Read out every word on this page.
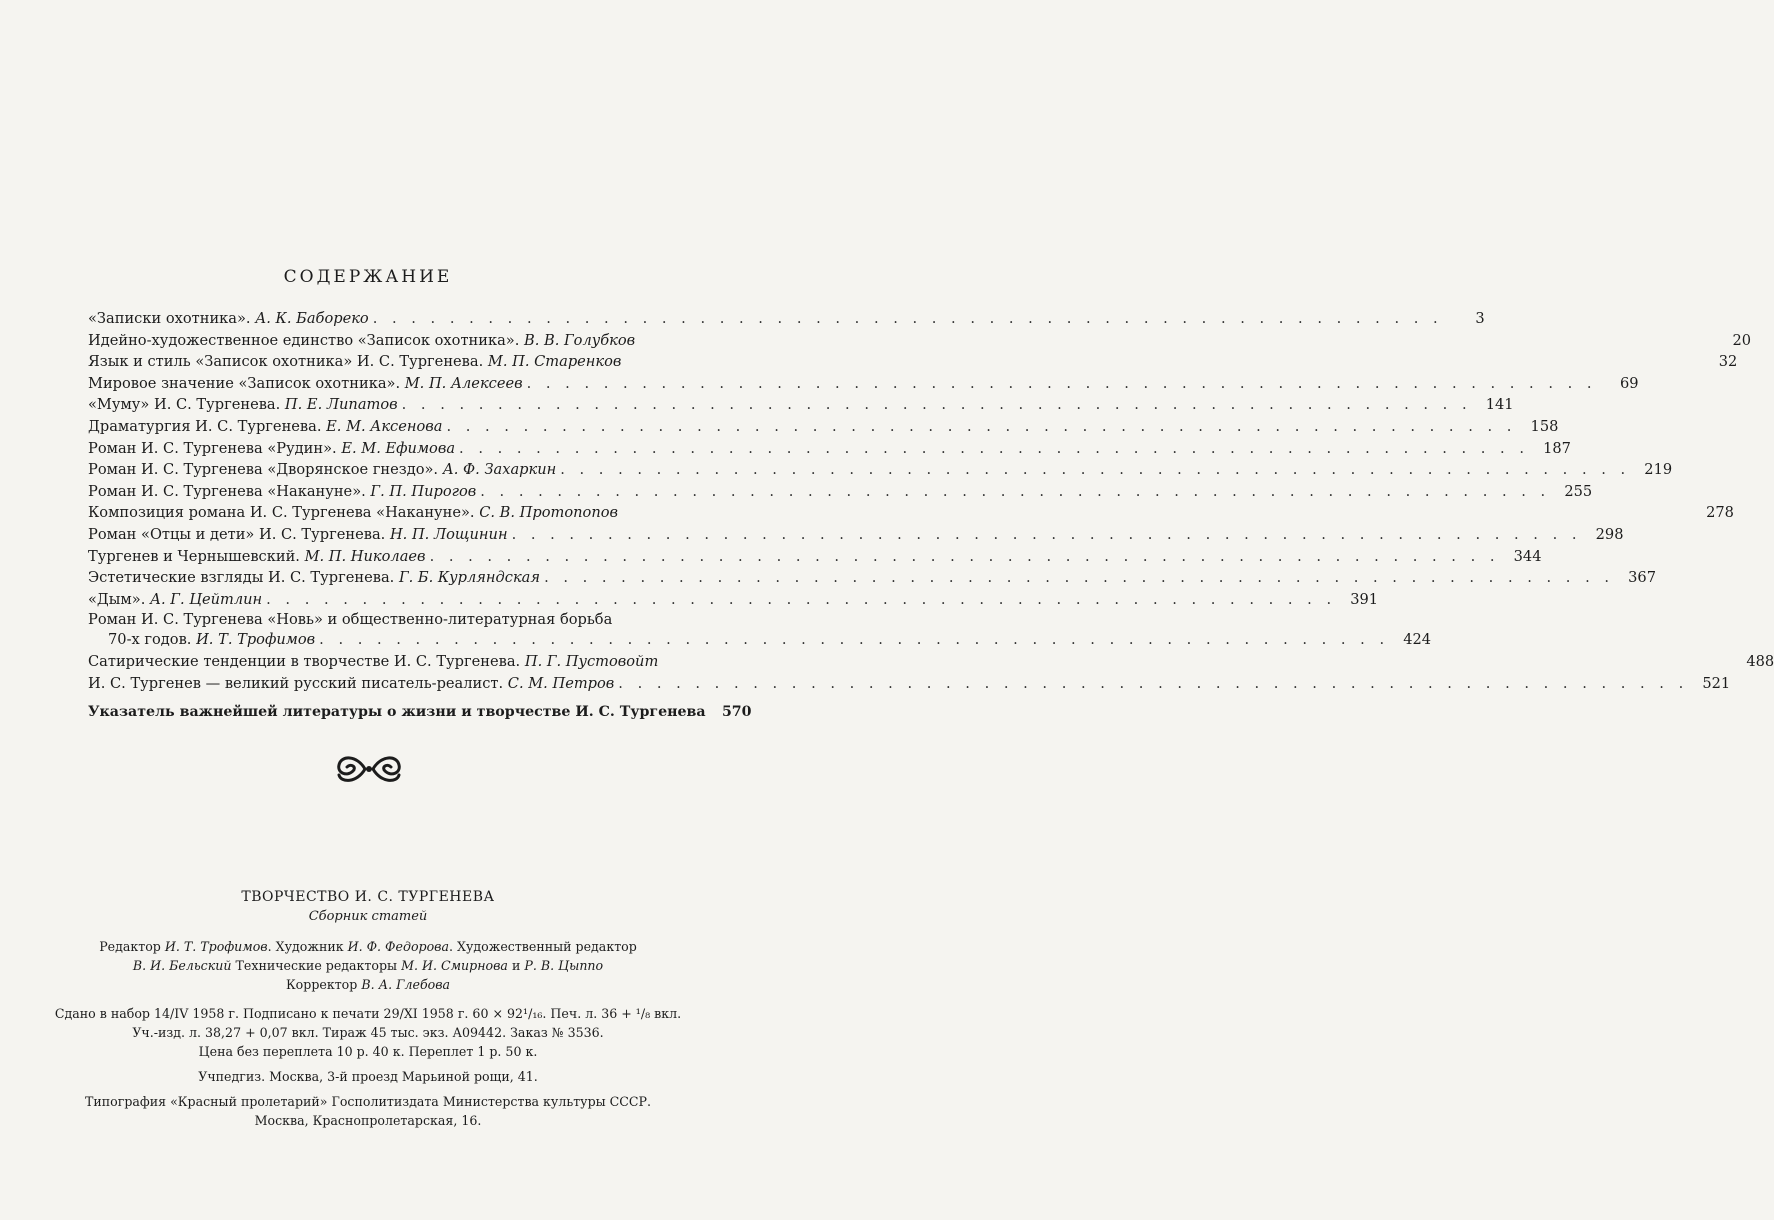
СОДЕРЖАНИЕ
«Записки охотника». А. К. Бабореко . . .	3
Идейно-художественное единство «Записок охотника». В. В. Голубков	20
Язык и стиль «Записок охотника» И. С. Тургенева. М. П. Старенков	32
Мировое значение «Записок охотника». М. П. Алексеев . . .	69
«Муму» И. С. Тургенева. П. Е. Липатов . . .	141
Драматургия И. С. Тургенева. Е. М. Аксенова . . .	158
Роман И. С. Тургенева «Рудин». Е. М. Ефимова . . .	187
Роман И. С. Тургенева «Дворянское гнездо». А. Ф. Захаркин . . .	219
Роман И. С. Тургенева «Накануне». Г. П. Пирогов . . .	255
Композиция романа И. С. Тургенева «Накануне». С. В. Протопопов	278
Роман «Отцы и дети» И. С. Тургенева. Н. П. Лощинин . . .	298
Тургенев и Чернышевский. М. П. Николаев . . .	344
Эстетические взгляды И. С. Тургенева. Г. Б. Курляндская . . .	367
«Дым». А. Г. Цейтлин . . .	391
Роман И. С. Тургенева «Новь» и общественно-литературная борьба
70-х годов. И. Т. Трофимов . . .	424
Сатирические тенденции в творчестве И. С. Тургенева. П. Г. Пустовойт	488
И. С. Тургенев — великий русский писатель-реалист. С. М. Петров . . .	521
Указатель важнейшей литературы о жизни и творчестве И. С. Тургенева	570
ТВОРЧЕСТВО И. С. ТУРГЕНЕВА
Сборник статей
Редактор И. Т. Трофимов. Художник И. Ф. Федорова. Художественный редактор
В. И. Бельский Технические редакторы М. И. Смирнова и Р. В. Цыппо
Корректор В. А. Глебова
Сдано в набор 14/IV 1958 г. Подписано к печати 29/XI 1958 г. 60 × 92¹/₁₆. Печ. л. 36 + ¹/₈ вкл.
Уч.-изд. л. 38,27 + 0,07 вкл. Тираж 45 тыс. экз. А09442. Заказ № 3536.
Цена без переплета 10 р. 40 к. Переплет 1 р. 50 к.
Учпедгиз. Москва, 3-й проезд Марьиной рощи, 41.
Типография «Красный пролетарий» Госполитиздата Министерства культуры СССР.
Москва, Краснопролетарская, 16.
